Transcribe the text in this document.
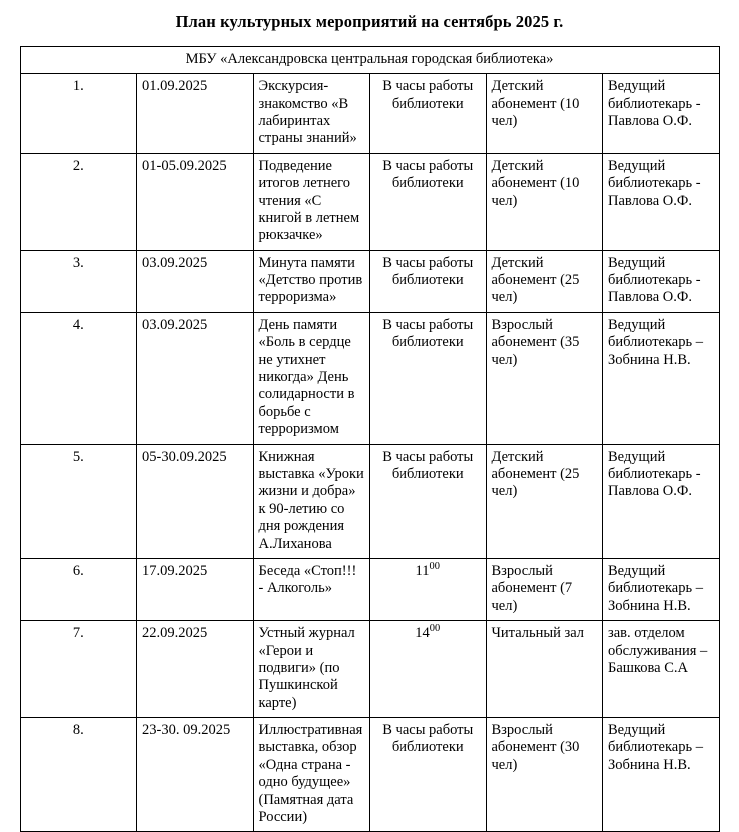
План культурных мероприятий на сентябрь 2025 г.
МБУ «Александровска центральная городская библиотека»					
1.	01.09.2025	Экскурсия-знакомство «В лабиринтах страны знаний»	В часы работы библиотеки	Детский абонемент (10 чел)	Ведущий библиотекарь - Павлова О.Ф.
2.	01-05.09.2025	Подведение итогов летнего чтения «С книгой в летнем рюкзачке»	В часы работы библиотеки	Детский абонемент (10 чел)	Ведущий библиотекарь - Павлова О.Ф.
3.	03.09.2025	Минута памяти «Детство против терроризма»	В часы работы библиотеки	Детский абонемент (25 чел)	Ведущий библиотекарь - Павлова О.Ф.
4.	03.09.2025	День памяти «Боль в сердце не утихнет никогда» День солидарности в борьбе с терроризмом	В часы работы библиотеки	Взрослый абонемент (35 чел)	Ведущий библиотекарь – Зобнина Н.В.
5.	05-30.09.2025	Книжная выставка «Уроки жизни и добра» к 90-летию со дня рождения А.Лиханова	В часы работы библиотеки	Детский абонемент (25 чел)	Ведущий библиотекарь - Павлова О.Ф.
6.	17.09.2025	Беседа «Стоп!!! - Алкоголь»	$11^{00}$	Взрослый абонемент (7 чел)	Ведущий библиотекарь – Зобнина Н.В.
7.	22.09.2025	Устный журнал «Герои и подвиги» (по Пушкинской карте)	$14^{00}$	Читальный зал	зав. отделом обслуживания – Башкова С.А
8.	23-30. 09.2025	Иллюстративная выставка, обзор «Одна страна - одно будущее» (Памятная дата России)	В часы работы библиотеки	Взрослый абонемент (30 чел)	Ведущий библиотекарь – Зобнина Н.В.
